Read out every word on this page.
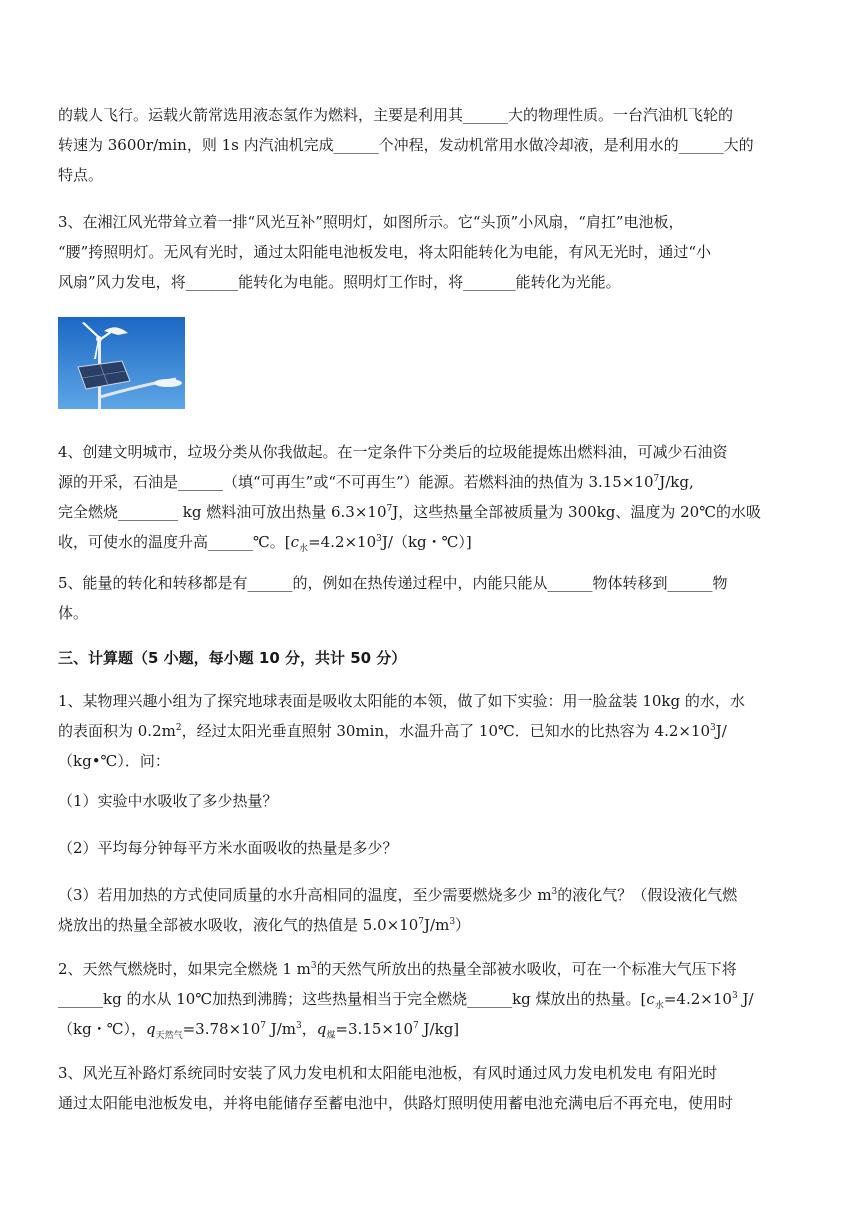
的载人飞行。运载火箭常选用液态氢作为燃料，主要是利用其______大的物理性质。一台汽油机飞轮的
转速为 3600r/min，则 1s 内汽油机完成______个冲程，发动机常用水做冷却液，是利用水的______大的
特点。
3、在湘江风光带耸立着一排“风光互补”照明灯，如图所示。它“头顶”小风扇，“肩扛”电池板，
“腰”挎照明灯。无风有光时，通过太阳能电池板发电，将太阳能转化为电能，有风无光时，通过“小
风扇”风力发电，将_______能转化为电能。照明灯工作时，将_______能转化为光能。
4、创建文明城市，垃圾分类从你我做起。在一定条件下分类后的垃圾能提炼出燃料油，可减少石油资
源的开采，石油是______（填“可再生”或“不可再生”）能源。若燃料油的热值为 $3.15\times 10^7J/kg$,
完全燃烧________ kg 燃料油可放出热量 $6.3\times 10^7J$，这些热量全部被质量为 300kg、温度为 20℃的水吸
收，可使水的温度升高______℃。[$c_水=4.2\times 10^3J/(kg$・℃）]
5、能量的转化和转移都是有______的，例如在热传递过程中，内能只能从______物体转移到______物
体。
三、计算题（5 小题，每小题 10 分，共计 50 分）
1、某物理兴趣小组为了探究地球表面是吸收太阳能的本领，做了如下实验：用一脸盆装 10kg 的水，水
的表面积为 $0.2m^2$，经过太阳光垂直照射 30min，水温升高了 10℃．已知水的比热容为 $4.2\times 10^3J/$
（kg•℃）．问：
（1）实验中水吸收了多少热量？
（2）平均每分钟每平方米水面吸收的热量是多少？
（3）若用加热的方式使同质量的水升高相同的温度，至少需要燃烧多少 $m^3$的液化气？（假设液化气燃
烧放出的热量全部被水吸收，液化气的热值是 $5.0\times 10^7J/m^3$）
2、天然气燃烧时，如果完全燃烧 1 $m^3$的天然气所放出的热量全部被水吸收，可在一个标准大气压下将
______kg 的水从 10℃加热到沸腾；这些热量相当于完全燃烧______kg 煤放出的热量。[$c_水=4.2\times 10^3$ J/
（kg・℃），$q_{天然气}=3.78\times 10^7$ $J/m^3$，$q_煤=3.15\times 10^7$ J/kg]
3、风光互补路灯系统同时安装了风力发电机和太阳能电池板，有风时通过风力发电机发电 有阳光时
通过太阳能电池板发电，并将电能储存至蓄电池中，供路灯照明使用蓄电池充满电后不再充电，使用时
